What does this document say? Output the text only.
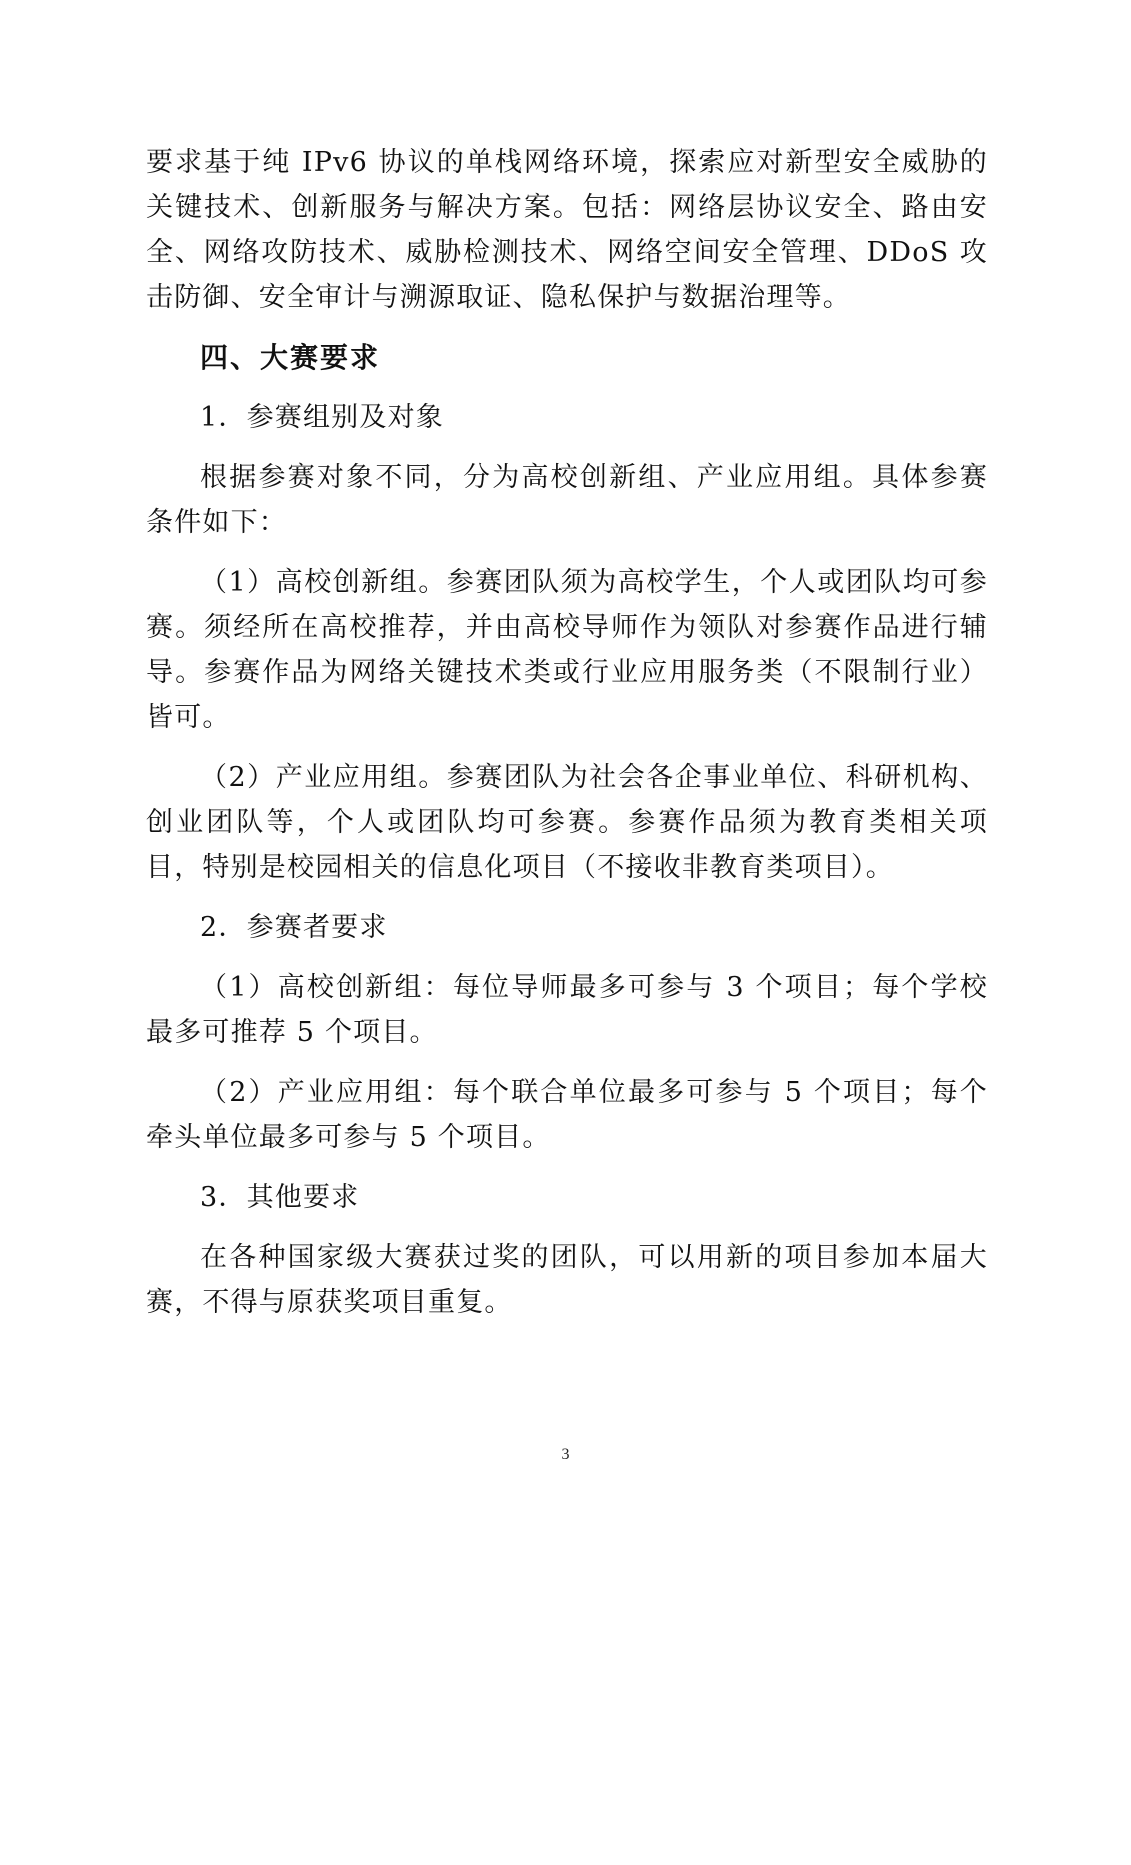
要求基于纯 IPv6 协议的单栈网络环境，探索应对新型安全威胁的关键技术、创新服务与解决方案。包括：网络层协议安全、路由安全、网络攻防技术、威胁检测技术、网络空间安全管理、DDoS 攻击防御、安全审计与溯源取证、隐私保护与数据治理等。

四、大赛要求

1．参赛组别及对象

根据参赛对象不同，分为高校创新组、产业应用组。具体参赛条件如下：

（1）高校创新组。参赛团队须为高校学生，个人或团队均可参赛。须经所在高校推荐，并由高校导师作为领队对参赛作品进行辅导。参赛作品为网络关键技术类或行业应用服务类（不限制行业）皆可。

（2）产业应用组。参赛团队为社会各企事业单位、科研机构、创业团队等，个人或团队均可参赛。参赛作品须为教育类相关项目，特别是校园相关的信息化项目（不接收非教育类项目）。

2．参赛者要求

（1）高校创新组：每位导师最多可参与 3 个项目；每个学校最多可推荐 5 个项目。

（2）产业应用组：每个联合单位最多可参与 5 个项目；每个牵头单位最多可参与 5 个项目。

3．其他要求

在各种国家级大赛获过奖的团队，可以用新的项目参加本届大赛，不得与原获奖项目重复。

3
